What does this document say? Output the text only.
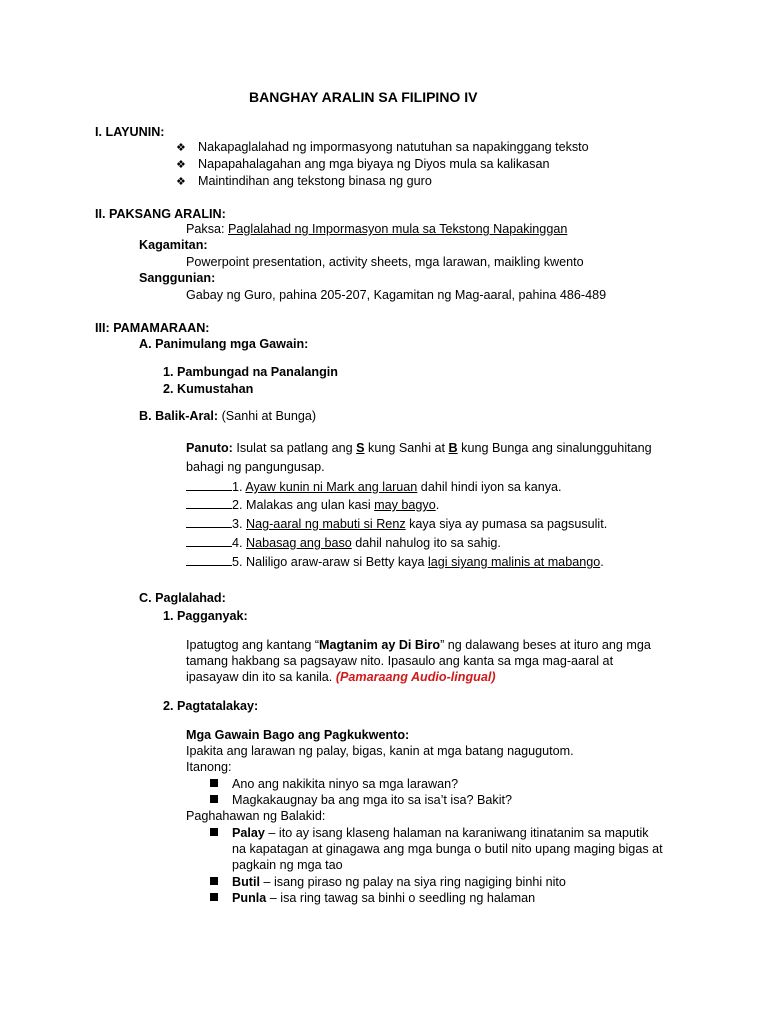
BANGHAY ARALIN SA FILIPINO IV
I. LAYUNIN:
❖ Nakapaglalahad ng impormasyong natutuhan sa napakinggang teksto
❖ Napapahalagahan ang mga biyaya ng Diyos mula sa kalikasan
❖ Maintindihan ang tekstong binasa ng guro
II. PAKSANG ARALIN:
Paksa: Paglalahad ng Impormasyon mula sa Tekstong Napakinggan
Kagamitan:
Powerpoint presentation, activity sheets, mga larawan, maikling kwento
Sanggunian:
Gabay ng Guro, pahina 205-207, Kagamitan ng Mag-aaral, pahina 486-489
III: PAMAMARAAN:
A. Panimulang mga Gawain:
1. Pambungad na Panalangin
2. Kumustahan
B. Balik-Aral: (Sanhi at Bunga)
Panuto: Isulat sa patlang ang S kung Sanhi at B kung Bunga ang sinalungguhitang
bahagi ng pangungusap.
1. Ayaw kunin ni Mark ang laruan dahil hindi iyon sa kanya.
2. Malakas ang ulan kasi may bagyo.
3. Nag-aaral ng mabuti si Renz kaya siya ay pumasa sa pagsusulit.
4. Nabasag ang baso dahil nahulog ito sa sahig.
5. Naliligo araw-araw si Betty kaya lagi siyang malinis at mabango.
C. Paglalahad:
1. Pagganyak:
Ipatugtog ang kantang “Magtanim ay Di Biro” ng dalawang beses at ituro ang mga
tamang hakbang sa pagsayaw nito. Ipasaulo ang kanta sa mga mag-aaral at
ipasayaw din ito sa kanila. (Pamaraang Audio-lingual)
2. Pagtatalakay:
Mga Gawain Bago ang Pagkukwento:
Ipakita ang larawan ng palay, bigas, kanin at mga batang nagugutom.
Itanong:
Ano ang nakikita ninyo sa mga larawan?
Magkakaugnay ba ang mga ito sa isa’t isa? Bakit?
Paghahawan ng Balakid:
Palay – ito ay isang klaseng halaman na karaniwang itinatanim sa maputik
na kapatagan at ginagawa ang mga bunga o butil nito upang maging bigas at
pagkain ng mga tao
Butil – isang piraso ng palay na siya ring nagiging binhi nito
Punla – isa ring tawag sa binhi o seedling ng halaman
